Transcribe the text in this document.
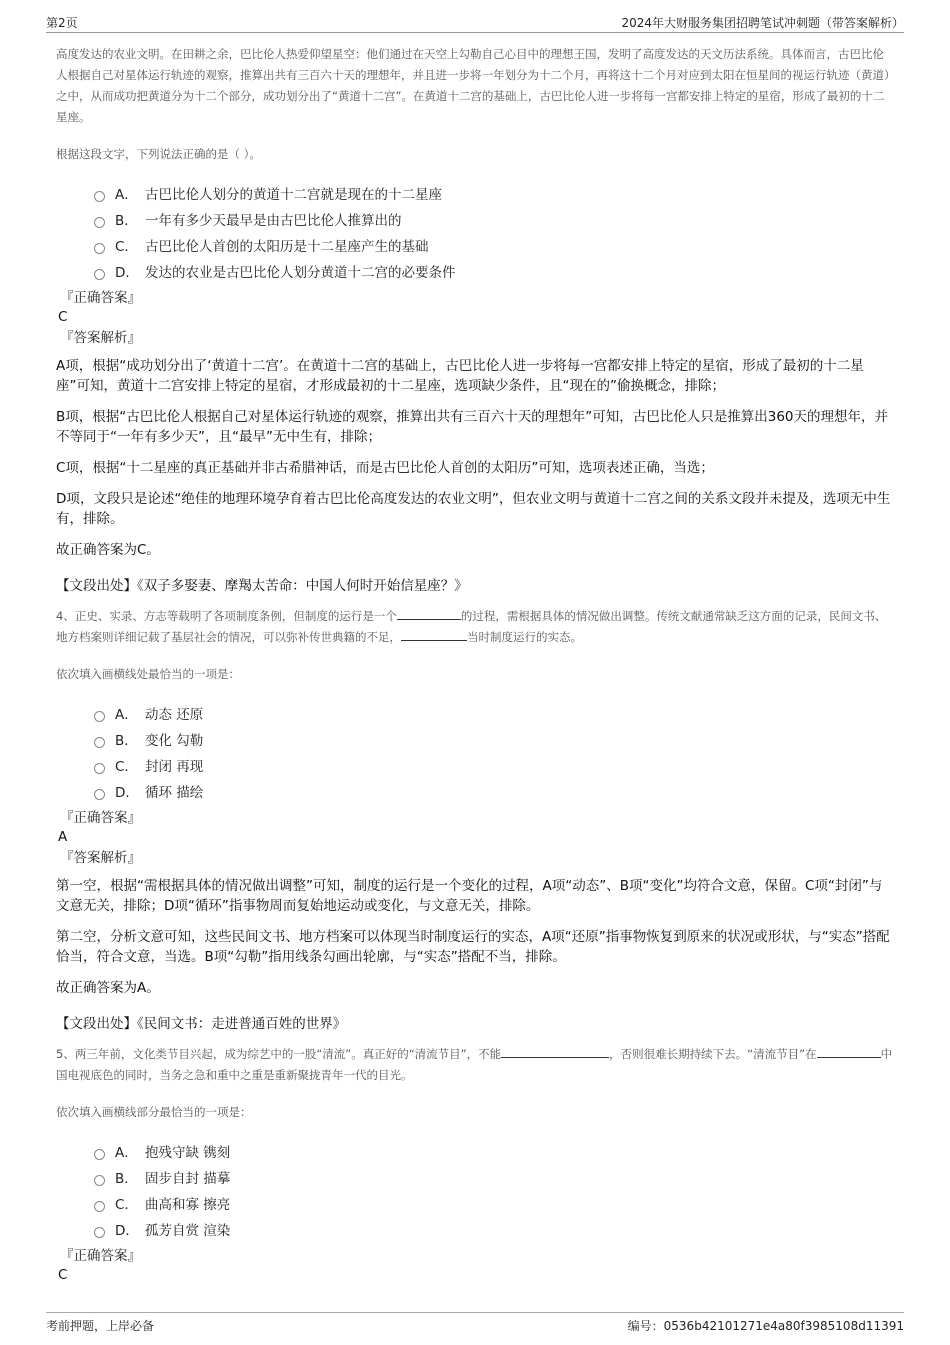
第2页	2024年大财服务集团招聘笔试冲刺题（带答案解析）

高度发达的农业文明。在田耕之余，巴比伦人热爱仰望星空：他们通过在天空上勾勒自己心目中的理想王国，发明了高度发达的天文历法系统。具体而言，古巴比伦人根据自己对星体运行轨迹的观察，推算出共有三百六十天的理想年，并且进一步将一年划分为十二个月，再将这十二个月对应到太阳在恒星间的视运行轨迹（黄道）之中，从而成功把黄道分为十二个部分，成功划分出了“黄道十二宫”。在黄道十二宫的基础上，古巴比伦人进一步将每一宫都安排上特定的星宿，形成了最初的十二星座。

根据这段文字，下列说法正确的是（ ）。

A． 古巴比伦人划分的黄道十二宫就是现在的十二星座
B． 一年有多少天最早是由古巴比伦人推算出的
C． 古巴比伦人首创的太阳历是十二星座产生的基础
D． 发达的农业是古巴比伦人划分黄道十二宫的必要条件

『正确答案』

C

『答案解析』

A项，根据“成功划分出了‘黄道十二宫’。在黄道十二宫的基础上，古巴比伦人进一步将每一宫都安排上特定的星宿，形成了最初的十二星座”可知，黄道十二宫安排上特定的星宿，才形成最初的十二星座，选项缺少条件，且“现在的”偷换概念，排除；

B项，根据“古巴比伦人根据自己对星体运行轨迹的观察，推算出共有三百六十天的理想年”可知，古巴比伦人只是推算出360天的理想年，并不等同于“一年有多少天”，且“最早”无中生有，排除；

C项，根据“十二星座的真正基础并非古希腊神话，而是古巴比伦人首创的太阳历”可知，选项表述正确，当选；

D项，文段只是论述“绝佳的地理环境孕育着古巴比伦高度发达的农业文明”，但农业文明与黄道十二宫之间的关系文段并未提及，选项无中生有，排除。

故正确答案为C。

【文段出处】《双子多娶妻、摩羯太苦命：中国人何时开始信星座？》

4、正史、实录、方志等载明了各项制度条例，但制度的运行是一个	的过程，需根据具体的情况做出调整。传统文献通常缺乏这方面的记录，民间文书、地方档案则详细记载了基层社会的情况，可以弥补传世典籍的不足，	当时制度运行的实态。

依次填入画横线处最恰当的一项是：

A． 动态 还原
B． 变化 勾勒
C． 封闭 再现
D． 循环 描绘

『正确答案』

A

『答案解析』

第一空，根据“需根据具体的情况做出调整”可知，制度的运行是一个变化的过程，A项“动态”、B项“变化”均符合文意，保留。C项“封闭”与文意无关，排除；D项“循环”指事物周而复始地运动或变化，与文意无关，排除。

第二空，分析文意可知，这些民间文书、地方档案可以体现当时制度运行的实态，A项“还原”指事物恢复到原来的状况或形状，与“实态”搭配恰当，符合文意，当选。B项“勾勒”指用线条勾画出轮廓，与“实态”搭配不当，排除。

故正确答案为A。

【文段出处】《民间文书：走进普通百姓的世界》

5、两三年前，文化类节目兴起，成为综艺中的一股“清流”。真正好的“清流节目”，不能	，否则很难长期持续下去。“清流节目”在	中国电视底色的同时，当务之急和重中之重是重新聚拢青年一代的目光。

依次填入画横线部分最恰当的一项是：

A． 抱残守缺 镌刻
B． 固步自封 描摹
C． 曲高和寡 擦亮
D． 孤芳自赏 渲染

『正确答案』

C

考前押题，上岸必备	编号：0536b42101271e4a80f3985108d11391
